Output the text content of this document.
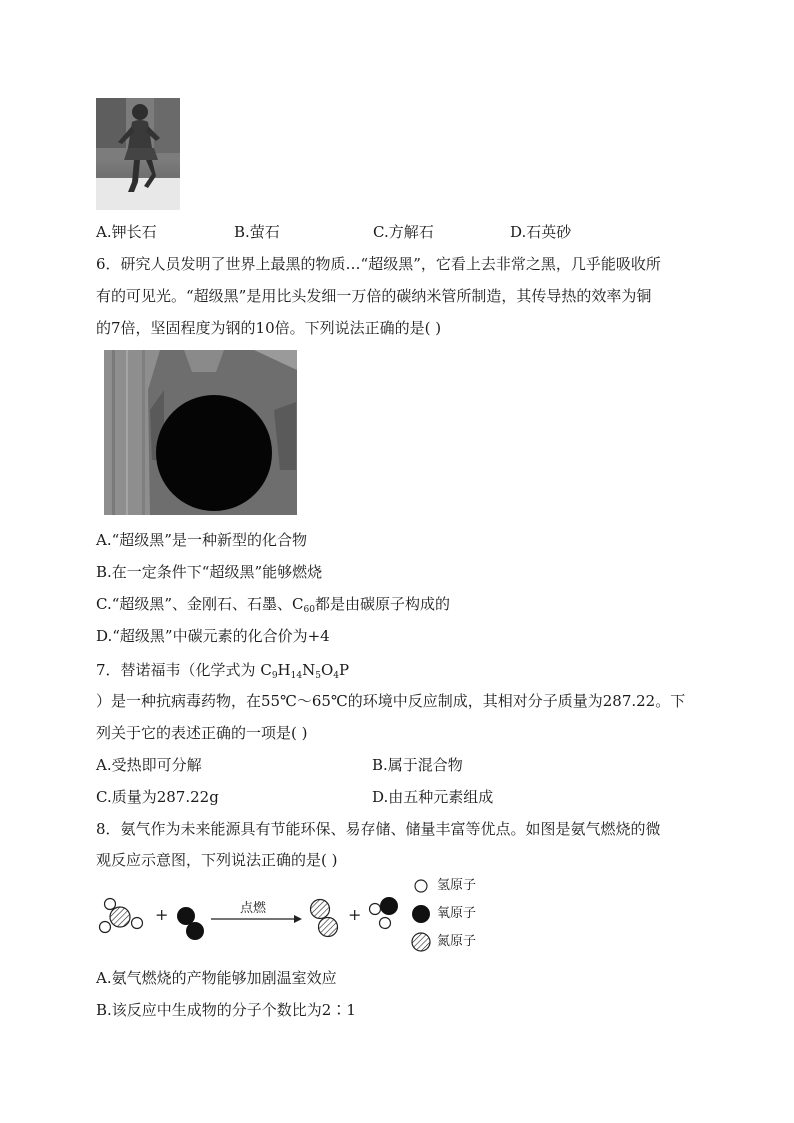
A.钾长石	B.萤石	C.方解石	D.石英砂
6．研究人员发明了世界上最黑的物质…“超级黑”，它看上去非常之黑，几乎能吸收所
有的可见光。“超级黑”是用比头发细一万倍的碳纳米管所制造，其传导热的效率为铜
的7倍，坚固程度为钢的10倍。下列说法正确的是( )
A.“超级黑”是一种新型的化合物
B.在一定条件下“超级黑”能够燃烧
C.“超级黑”、金刚石、石墨、$C_{60}$都是由碳原子构成的
D.“超级黑”中碳元素的化合价为+4
7．替诺福韦（化学式为 $C_9H_{14}N_5O_4P$
）是一种抗病毒药物，在55℃～65℃的环境中反应制成，其相对分子质量为287.22。下
列关于它的表述正确的一项是( )
A.受热即可分解	B.属于混合物
C.质量为287.22g	D.由五种元素组成
8．氨气作为未来能源具有节能环保、易存储、储量丰富等优点。如图是氨气燃烧的微
观反应示意图，下列说法正确的是( )
+	+
点燃
氢原子
氧原子
氮原子
A.氨气燃烧的产物能够加剧温室效应
B.该反应中生成物的分子个数比为2∶1
